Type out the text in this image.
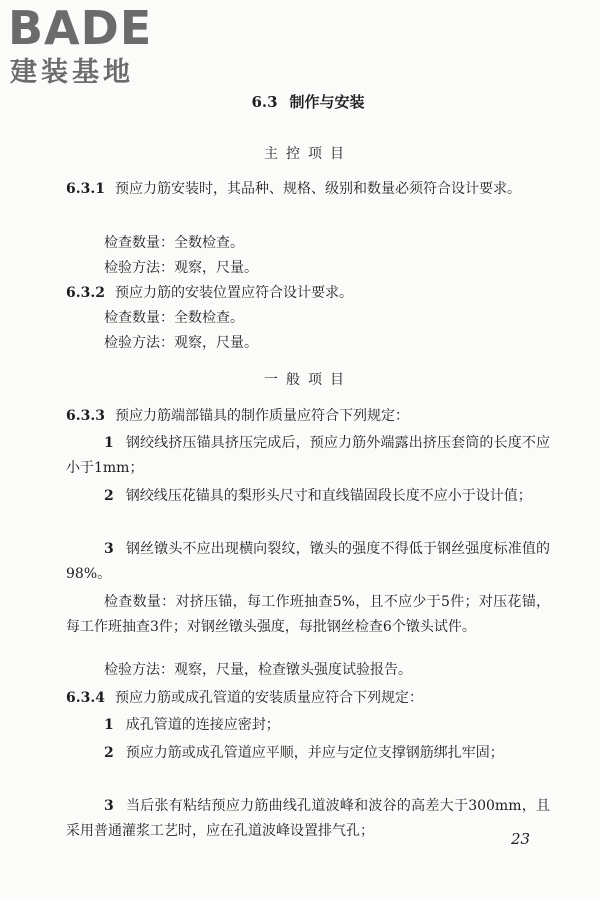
BADE
建装基地
6.3 制作与安装
主控项目
6.3.1 预应力筋安装时，其品种、规格、级别和数量必须符合设计要求。
检查数量：全数检查。
检验方法：观察，尺量。
6.3.2 预应力筋的安装位置应符合设计要求。
检查数量：全数检查。
检验方法：观察，尺量。
一般项目
6.3.3 预应力筋端部锚具的制作质量应符合下列规定：
1 钢绞线挤压锚具挤压完成后，预应力筋外端露出挤压套筒的长度不应小于1mm；
2 钢绞线压花锚具的梨形头尺寸和直线锚固段长度不应小于设计值；
3 钢丝镦头不应出现横向裂纹，镦头的强度不得低于钢丝强度标准值的98%。
检查数量：对挤压锚，每工作班抽查5%，且不应少于5件；对压花锚，每工作班抽查3件；对钢丝镦头强度，每批钢丝检查6个镦头试件。
检验方法：观察，尺量，检查镦头强度试验报告。
6.3.4 预应力筋或成孔管道的安装质量应符合下列规定：
1 成孔管道的连接应密封；
2 预应力筋或成孔管道应平顺，并应与定位支撑钢筋绑扎牢固；
3 当后张有粘结预应力筋曲线孔道波峰和波谷的高差大于300mm，且采用普通灌浆工艺时，应在孔道波峰设置排气孔；	23
